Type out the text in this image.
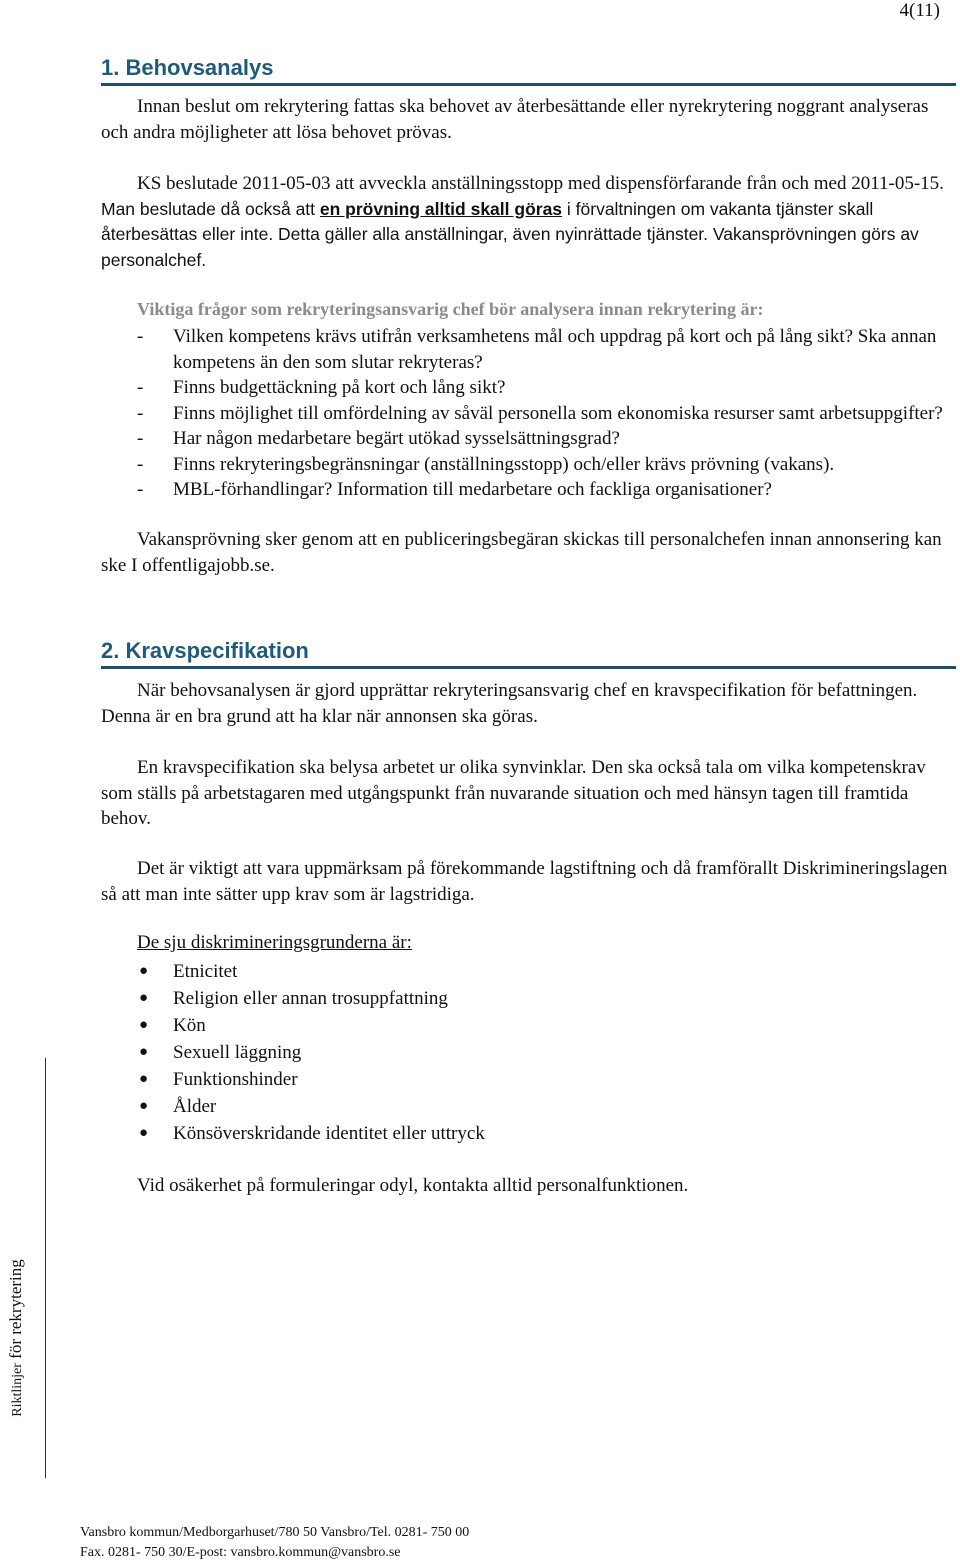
4(11)
1. Behovsanalys

Innan beslut om rekrytering fattas ska behovet av återbesättande eller nyrekrytering noggrant analyseras och andra möjligheter att lösa behovet prövas.

KS beslutade 2011-05-03 att avveckla anställningsstopp med dispensförfarande från och med 2011-05-15. Man beslutade då också att en prövning alltid skall göras i förvaltningen om vakanta tjänster skall återbesättas eller inte. Detta gäller alla anställningar, även nyinrättade tjänster. Vakansprövningen görs av personalchef.

Viktiga frågor som rekryteringsansvarig chef bör analysera innan rekrytering är:
- Vilken kompetens krävs utifrån verksamhetens mål och uppdrag på kort och på lång sikt? Ska annan kompetens än den som slutar rekryteras?
- Finns budgettäckning på kort och lång sikt?
- Finns möjlighet till omfördelning av såväl personella som ekonomiska resurser samt arbetsuppgifter?
- Har någon medarbetare begärt utökad sysselsättningsgrad?
- Finns rekryteringsbegränsningar (anställningsstopp) och/eller krävs prövning (vakans).
- MBL-förhandlingar? Information till medarbetare och fackliga organisationer?

Vakansprövning sker genom att en publiceringsbegäran skickas till personalchefen innan annonsering kan ske I offentligajobb.se.

2. Kravspecifikation

När behovsanalysen är gjord upprättar rekryteringsansvarig chef en kravspecifikation för befattningen. Denna är en bra grund att ha klar när annonsen ska göras.

En kravspecifikation ska belysa arbetet ur olika synvinklar. Den ska också tala om vilka kompetenskrav som ställs på arbetstagaren med utgångspunkt från nuvarande situation och med hänsyn tagen till framtida behov.

Det är viktigt att vara uppmärksam på förekommande lagstiftning och då framförallt Diskrimineringslagen så att man inte sätter upp krav som är lagstridiga.

De sju diskrimineringsgrunderna är:
● Etnicitet
● Religion eller annan trosuppfattning
● Kön
● Sexuell läggning
● Funktionshinder
● Ålder
● Könsöverskridande identitet eller uttryck
Vid osäkerhet på formuleringar odyl, kontakta alltid personalfunktionen.
Riktlinjer för rekrytering
Vansbro kommun/Medborgarhuset/780 50 Vansbro/Tel. 0281- 750 00
Fax. 0281- 750 30/E-post: vansbro.kommun@vansbro.se
